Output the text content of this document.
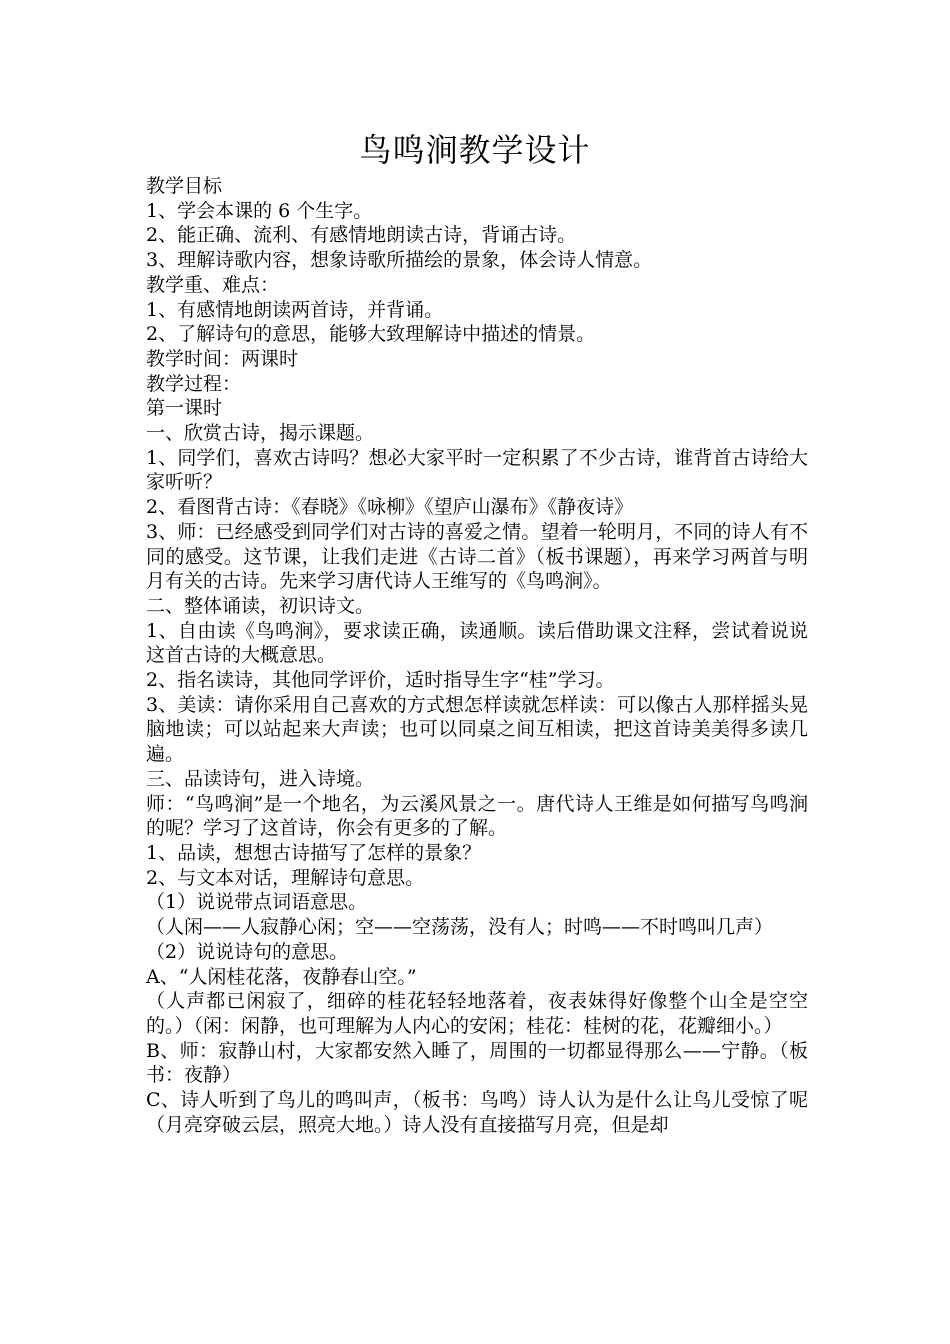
鸟鸣涧教学设计

教学目标

1、学会本课的 6 个生字。

2、能正确、流利、有感情地朗读古诗，背诵古诗。

3、理解诗歌内容，想象诗歌所描绘的景象，体会诗人情意。

教学重、难点：

1、有感情地朗读两首诗，并背诵。

2、了解诗句的意思，能够大致理解诗中描述的情景。

教学时间：两课时

教学过程：

第一课时

一、欣赏古诗，揭示课题。

1、同学们，喜欢古诗吗？想必大家平时一定积累了不少古诗，谁背首古诗给大家听听？

2、看图背古诗：《春晓》《咏柳》《望庐山瀑布》《静夜诗》

3、师：已经感受到同学们对古诗的喜爱之情。望着一轮明月，不同的诗人有不同的感受。这节课，让我们走进《古诗二首》（板书课题），再来学习两首与明月有关的古诗。先来学习唐代诗人王维写的《鸟鸣涧》。

二、整体诵读，初识诗文。

1、自由读《鸟鸣涧》，要求读正确，读通顺。读后借助课文注释，尝试着说说这首古诗的大概意思。

2、指名读诗，其他同学评价，适时指导生字“桂”学习。

3、美读：请你采用自己喜欢的方式想怎样读就怎样读：可以像古人那样摇头晃脑地读；可以站起来大声读；也可以同桌之间互相读，把这首诗美美得多读几遍。

三、品读诗句，进入诗境。

师：“鸟鸣涧”是一个地名，为云溪风景之一。唐代诗人王维是如何描写鸟鸣涧的呢？学习了这首诗，你会有更多的了解。

1、品读，想想古诗描写了怎样的景象？

2、与文本对话，理解诗句意思。

（1）说说带点词语意思。

（人闲——人寂静心闲；空——空荡荡，没有人；时鸣——不时鸣叫几声）

（2）说说诗句的意思。

A、“人闲桂花落，夜静春山空。”

（人声都已闲寂了，细碎的桂花轻轻地落着，夜表妹得好像整个山全是空空的。）（闲：闲静，也可理解为人内心的安闲；桂花：桂树的花，花瓣细小。）

B、师：寂静山村，大家都安然入睡了，周围的一切都显得那么——宁静。（板书：夜静）

C、诗人听到了鸟儿的鸣叫声，（板书：鸟鸣）诗人认为是什么让鸟儿受惊了呢（月亮穿破云层，照亮大地。）诗人没有直接描写月亮，但是却
